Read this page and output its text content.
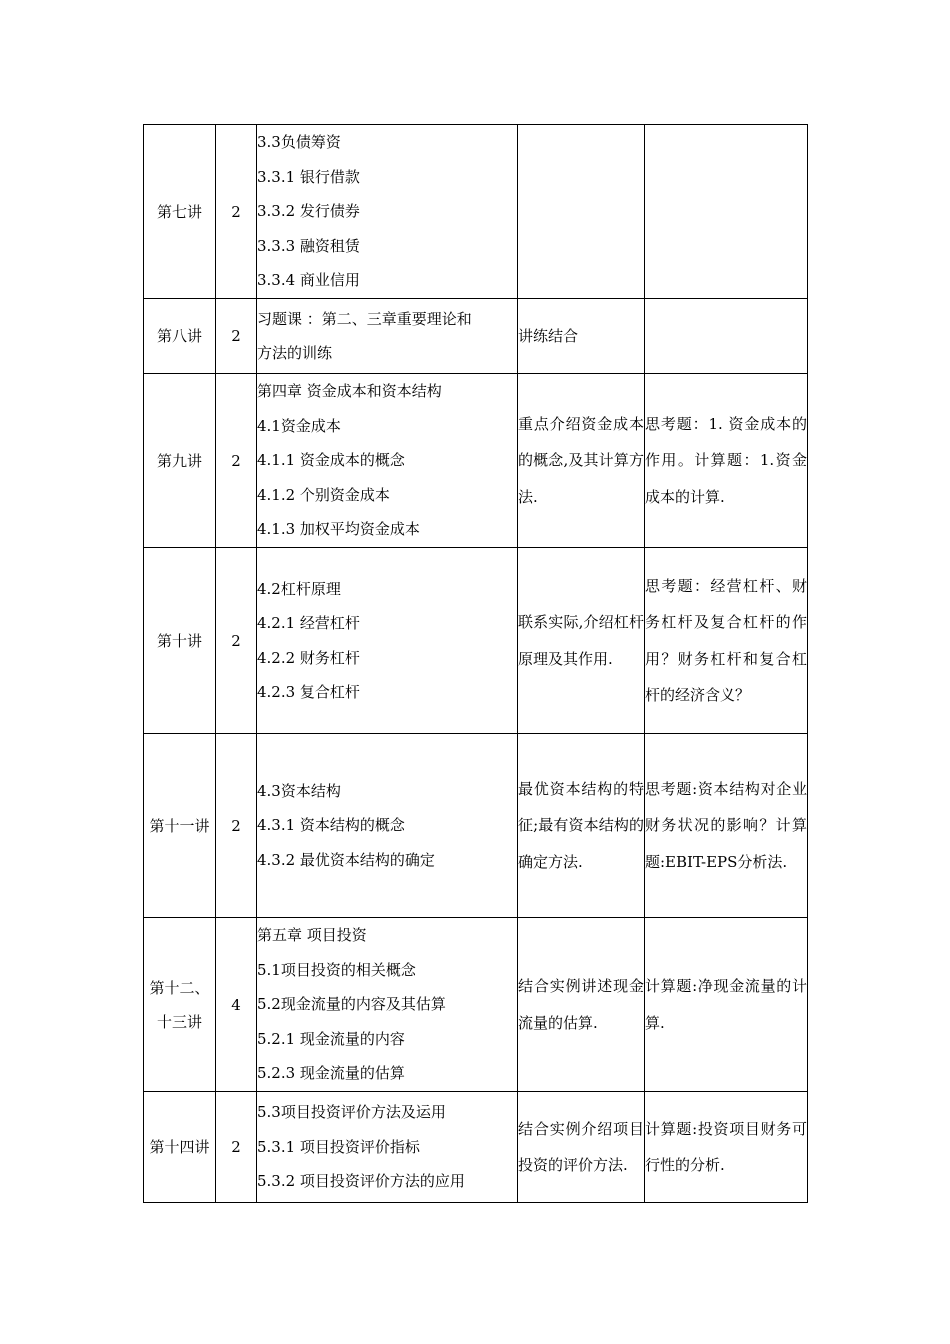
第七讲	2	3.3负债筹资
3.3.1 银行借款
3.3.2 发行债券
3.3.3 融资租赁
3.3.4 商业信用		

第八讲	2	习题课 ：第二、三章重要理论和
方法的训练	讲练结合	
第九讲	2	第四章 资金成本和资本结构
4.1资金成本
4.1.1 资金成本的概念
4.1.2 个别资金成本
4.1.3 加权平均资金成本	重点介绍资金成本的概念,及其计算方法.	思考题：1. 资金成本的作用。计算题：1.资金成本的计算.
第十讲	2	4.2杠杆原理
4.2.1 经营杠杆
4.2.2 财务杠杆
4.2.3 复合杠杆	联系实际,介绍杠杆原理及其作用.	思考题：经营杠杆、财务杠杆及复合杠杆的作用？财务杠杆和复合杠杆的经济含义？
第十一讲	2	4.3资本结构
4.3.1 资本结构的概念
4.3.2 最优资本结构的确定	最优资本结构的特征;最有资本结构的确定方法.	思考题:资本结构对企业财务状况的影响？计算题:EBIT-EPS分析法.
第十二、十三讲	4	第五章 项目投资
5.1项目投资的相关概念
5.2现金流量的内容及其估算
5.2.1 现金流量的内容
5.2.3 现金流量的估算	结合实例讲述现金流量的估算.	计算题:净现金流量的计算.
第十四讲	2	5.3项目投资评价方法及运用
5.3.1 项目投资评价指标
5.3.2 项目投资评价方法的应用	结合实例介绍项目投资的评价方法.	计算题:投资项目财务可行性的分析.
